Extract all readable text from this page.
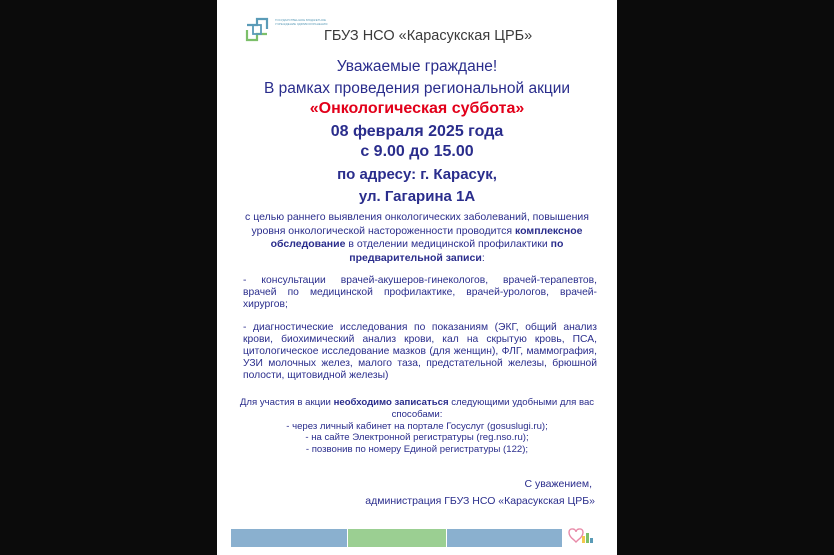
ГОСУДАРСТВЕННОЕ БЮДЖЕТНОЕ УЧРЕЖДЕНИЕ ЗДРАВООХРАНЕНИЯ
ГБУЗ НСО «Карасукская ЦРБ»
Уважаемые граждане!
В рамках проведения региональной акции
«Онкологическая суббота»
08 февраля 2025 года
с 9.00 до 15.00
по адресу: г. Карасук,
ул. Гагарина 1А
с целью раннего выявления онкологических заболеваний, повышения уровня онкологической настороженности проводится комплексное обследование в отделении медицинской профилактики по предварительной записи:
- консультации врачей-акушеров-гинекологов, врачей-терапевтов, врачей по медицинской профилактике, врачей-урологов, врачей-хирургов;
- диагностические исследования по показаниям (ЭКГ, общий анализ крови, биохимический анализ крови, кал на скрытую кровь, ПСА, цитологическое исследование мазков (для женщин), ФЛГ, маммография, УЗИ молочных желез, малого таза, предстательной железы, брюшной полости, щитовидной железы)
Для участия в акции необходимо записаться следующими удобными для вас способами:
- через личный кабинет на портале Госуслуг (gosuslugi.ru);
- на сайте Электронной регистратуры (reg.nso.ru);
- позвонив по номеру Единой регистратуры (122);
С уважением,
администрация ГБУЗ НСО «Карасукская ЦРБ»
